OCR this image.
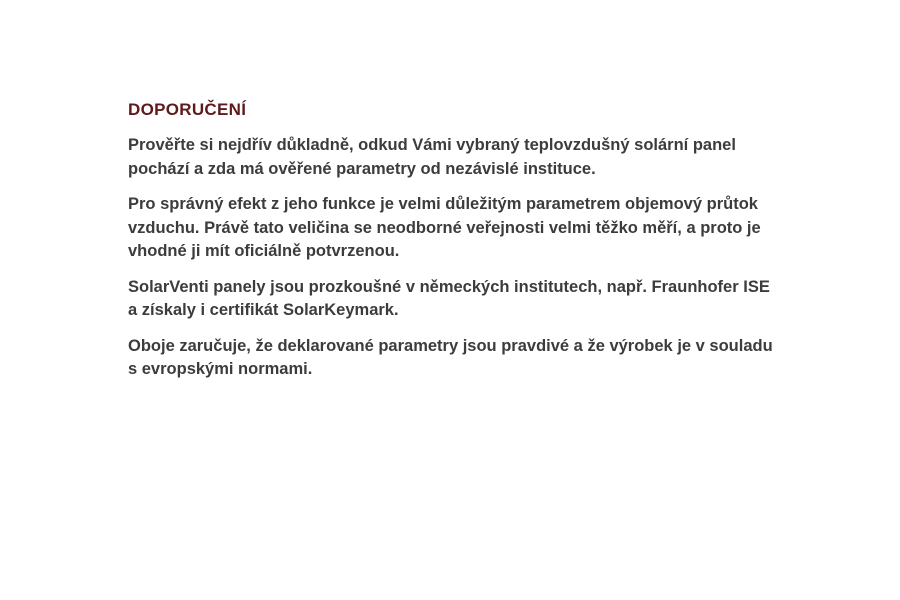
DOPORUČENÍ

Prověřte si nejdřív důkladně, odkud Vámi vybraný teplovzdušný solární panel
pochází a zda má ověřené parametry od nezávislé instituce.

Pro správný efekt z jeho funkce je velmi důležitým parametrem objemový průtok
vzduchu. Právě tato veličina se neodborné veřejnosti velmi těžko měří, a proto je
vhodné ji mít oficiálně potvrzenou.

SolarVenti panely jsou prozkoušné v německých institutech, např. Fraunhofer ISE
a získaly i certifikát SolarKeymark.

Oboje zaručuje, že deklarované parametry jsou pravdivé a že výrobek je v souladu
s evropskými normami.
